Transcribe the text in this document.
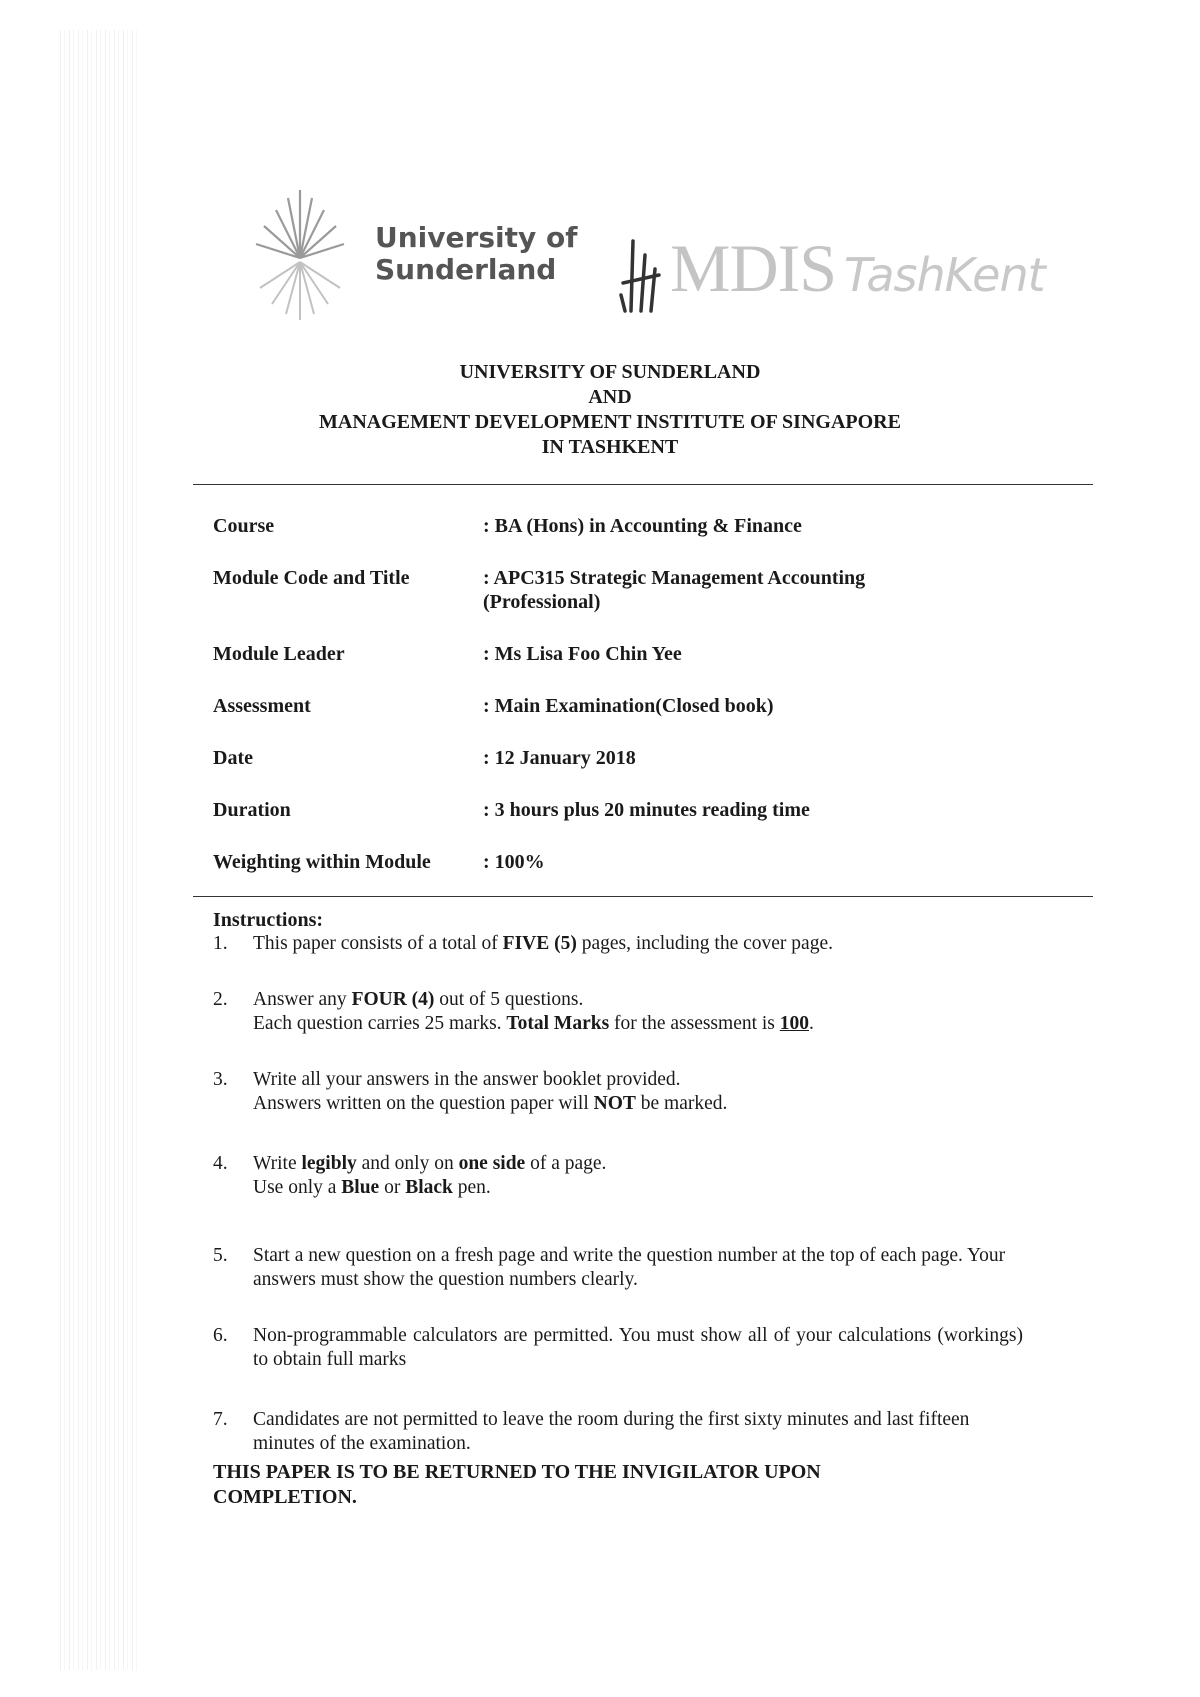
University of
Sunderland	MDIS TashKent
UNIVERSITY OF SUNDERLAND
AND
MANAGEMENT DEVELOPMENT INSTITUTE OF SINGAPORE
IN TASHKENT
Course	: BA (Hons) in Accounting & Finance
Module Code and Title	: APC315 Strategic Management Accounting
(Professional)
Module Leader	: Ms Lisa Foo Chin Yee
Assessment	: Main Examination(Closed book)
Date	: 12 January 2018
Duration	: 3 hours plus 20 minutes reading time
Weighting within Module	: 100%
Instructions:
1. This paper consists of a total of FIVE (5) pages, including the cover page.

2. Answer any FOUR (4) out of 5 questions.

Each question carries 25 marks. Total Marks for the assessment is 100.

3. Write all your answers in the answer booklet provided.

Answers written on the question paper will NOT be marked.

4. Write legibly and only on one side of a page.

Use only a Blue or Black pen.

5. Start a new question on a fresh page and write the question number at the top of each page. Your answers must show the question numbers clearly.

6. Non-programmable calculators are permitted. You must show all of your calculations (workings) to obtain full marks

7. Candidates are not permitted to leave the room during the first sixty minutes and last fifteen minutes of the examination.

THIS PAPER IS TO BE RETURNED TO THE INVIGILATOR UPON
COMPLETION.
